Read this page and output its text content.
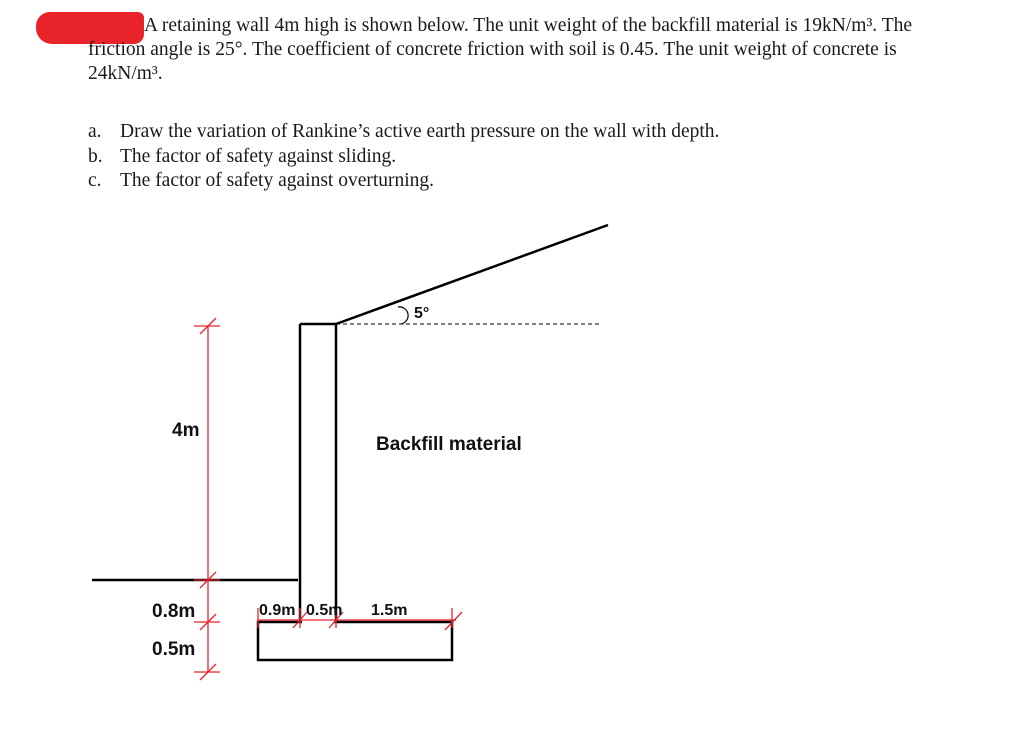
A retaining wall 4m high is shown below. The unit weight of the backfill material is 19kN/m³. The
friction angle is 25°. The coefficient of concrete friction with soil is 0.45. The unit weight of concrete is
24kN/m³.
a. Draw the variation of Rankine’s active earth pressure on the wall with depth.
b. The factor of safety against sliding.
c. The factor of safety against overturning.
5°
4m
Backfill material
0.8m
0.5m
0.9m 0.5m 1.5m
